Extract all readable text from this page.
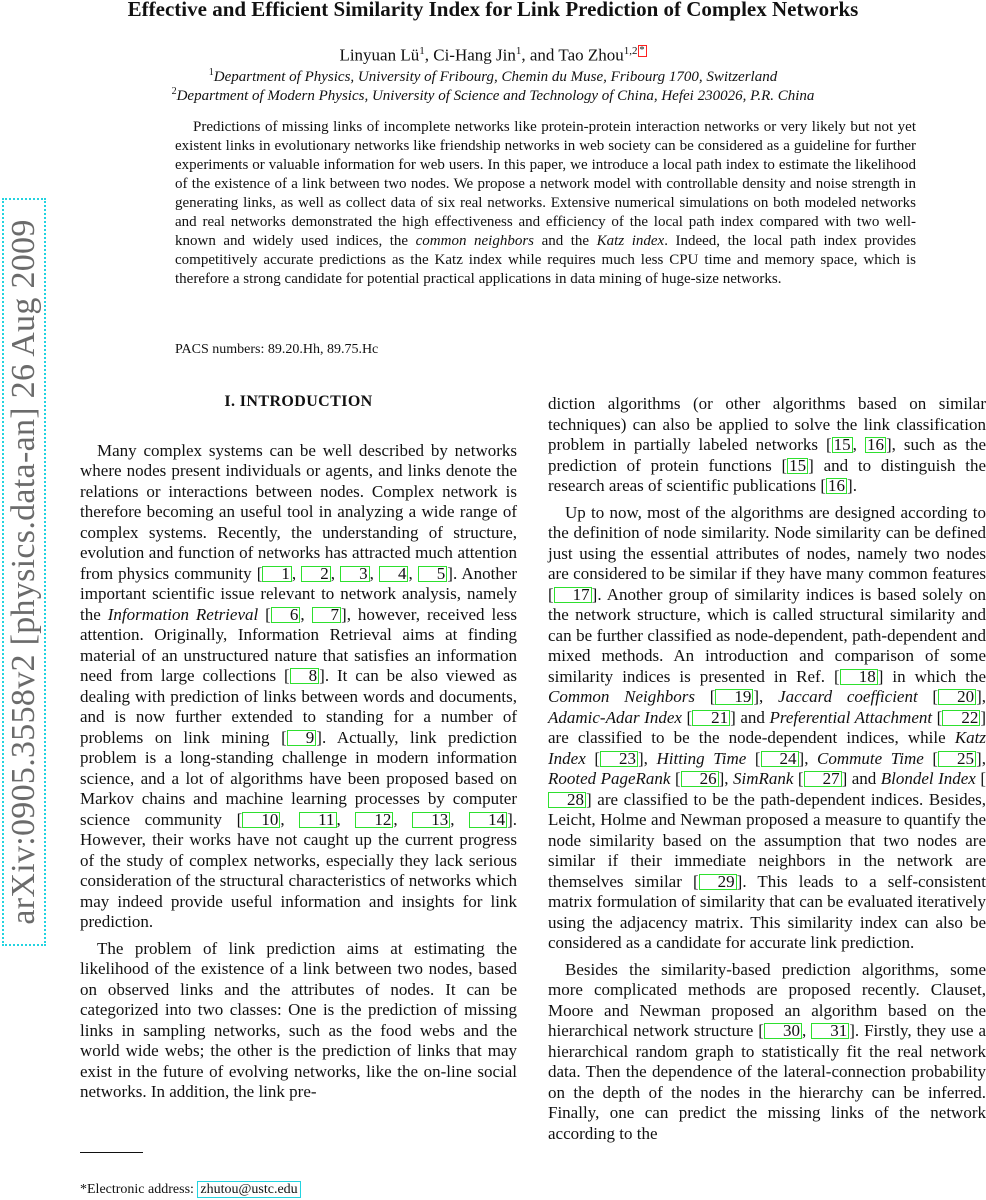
Effective and Efficient Similarity Index for Link Prediction of Complex Networks
Linyuan $Lü^1$, Ci-Hang Jin$^1$, and Tao Zhou$^{1,2}$ *
$^1$Department of Physics, University of Fribourg, Chemin du Muse, Fribourg 1700, Switzerland
$^2$Department of Modern Physics, University of Science and Technology of China, Hefei 230026, P.R. China

Predictions of missing links of incomplete networks like protein-protein interaction networks or very likely but not yet existent links in evolutionary networks like friendship networks in web society can be considered as a guideline for further experiments or valuable information for web users. In this paper, we introduce a local path index to estimate the likelihood of the existence of a link between two nodes. We propose a network model with controllable density and noise strength in generating links, as well as collect data of six real networks. Extensive numerical simulations on both modeled networks and real networks demonstrated the high effectiveness and efficiency of the local path index compared with two well-known and widely used indices, the common neighbors and the Katz index. Indeed, the local path index provides competitively accurate predictions as the Katz index while requires much less CPU time and memory space, which is therefore a strong candidate for potential practical applications in data mining of huge-size networks.

PACS numbers: 89.20.Hh, 89.75.Hc
arXiv:0905.3558v2 [physics.data-an] 26 Aug 2009	I. INTRODUCTION

Many complex systems can be well described by networks where nodes present individuals or agents, and links denote the relations or interactions between nodes. Complex network is therefore becoming an useful tool in analyzing a wide range of complex systems. Recently, the understanding of structure, evolution and function of networks has attracted much attention from physics community [ 1 , 2 , 3 , 4 , 5 ]. Another important scientific issue relevant to network analysis, namely the Information Retrieval [ 6 , 7 ], however, received less attention. Originally, Information Retrieval aims at finding material of an unstructured nature that satisfies an information need from large collections [ 8 ]. It can be also viewed as dealing with prediction of links between words and documents, and is now further extended to standing for a number of problems on link mining [ 9 ]. Actually, link prediction problem is a long-standing challenge in modern information science, and a lot of algorithms have been proposed based on Markov chains and machine learning processes by computer science community [ 10 , 11 , 12 , 13 , 14 ]. However, their works have not caught up the current progress of the study of complex networks, especially they lack serious consideration of the structural characteristics of networks which may indeed provide useful information and insights for link prediction.

The problem of link prediction aims at estimating the likelihood of the existence of a link between two nodes, based on observed links and the attributes of nodes. It can be categorized into two classes: One is the prediction of missing links in sampling networks, such as the food webs and the world wide webs; the other is the prediction of links that may exist in the future of evolving networks, like the on-line social networks. In addition, the link pre-

diction algorithms (or other algorithms based on similar techniques) can also be applied to solve the link classification problem in partially labeled networks [ 15 , 16 ], such as the prediction of protein functions [ 15 ] and to distinguish the research areas of scientific publications [ 16 ].

Up to now, most of the algorithms are designed according to the definition of node similarity. Node similarity can be defined just using the essential attributes of nodes, namely two nodes are considered to be similar if they have many common features [ 17 ]. Another group of similarity indices is based solely on the network structure, which is called structural similarity and can be further classified as node-dependent, path-dependent and mixed methods. An introduction and comparison of some similarity indices is presented in Ref. [ 18 ] in which the Common Neighbors [ 19 ], Jaccard coefficient [ 20 ], Adamic-Adar Index [ 21 ] and Preferential Attachment [ 22 ] are classified to be the node-dependent indices, while Katz Index [ 23 ], Hitting Time [ 24 ], Commute Time [ 25 ], Rooted PageRank [ 26 ], SimRank [ 27 ] and Blondel Index [28 ] are classified to be the path-dependent indices. Besides, Leicht, Holme and Newman proposed a measure to quantify the node similarity based on the assumption that two nodes are similar if their immediate neighbors in the network are themselves similar [ 29 ]. This leads to a self-consistent matrix formulation of similarity that can be evaluated iteratively using the adjacency matrix. This similarity index can also be considered as a candidate for accurate link prediction.

Besides the similarity-based prediction algorithms, some more complicated methods are proposed recently. Clauset, Moore and Newman proposed an algorithm based on the hierarchical network structure [ 30 , 31 ]. Firstly, they use a hierarchical random graph to statistically fit the real network data. Then the dependence of the lateral-connection probability on the depth of the nodes in the hierarchy can be inferred. Finally, one can predict the missing links of the network according to the

*Electronic address: zhutou@ustc.edu
